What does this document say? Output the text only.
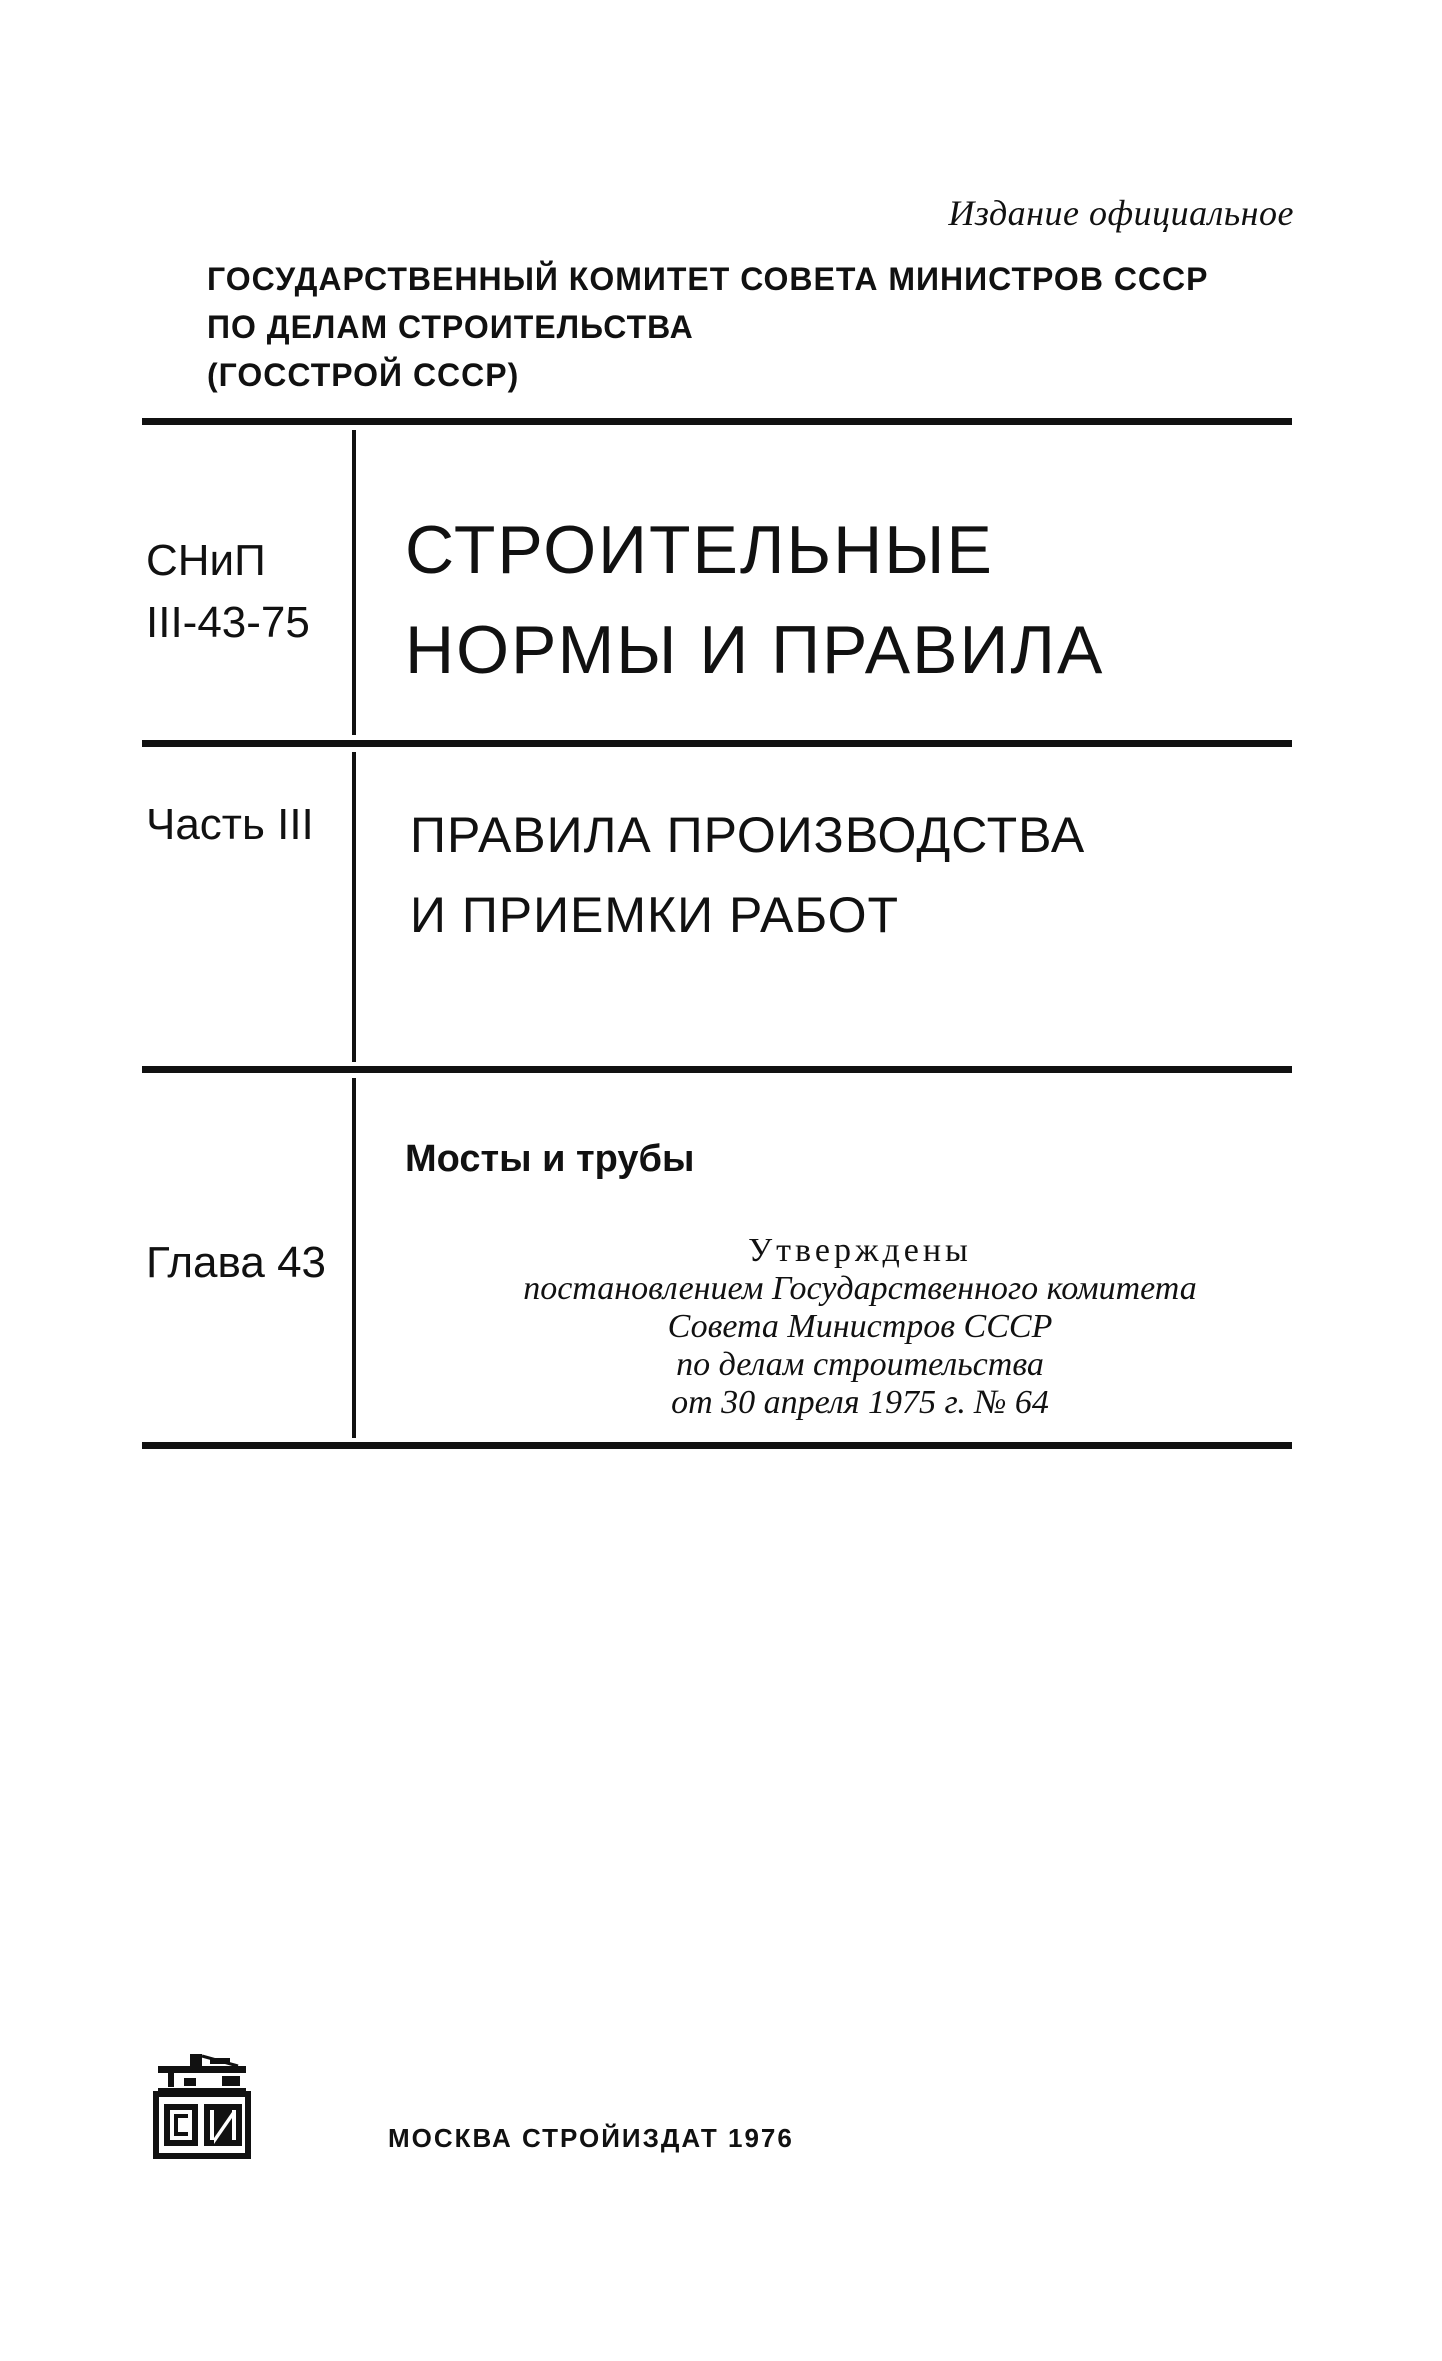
Издание официальное
ГОСУДАРСТВЕННЫЙ КОМИТЕТ СОВЕТА МИНИСТРОВ СССР
ПО ДЕЛАМ СТРОИТЕЛЬСТВА
(ГОССТРОЙ СССР)
СНиП
III-43-75
СТРОИТЕЛЬНЫЕ
НОРМЫ И ПРАВИЛА
Часть III ПРАВИЛА ПРОИЗВОДСТВА
И ПРИЕМКИ РАБОТ
Мосты и трубы
Глава 43	Утверждены
постановлением Государственного комитета
Совета Министров СССР
по делам строительства
от 30 апреля 1975 г. № 64
МОСКВА СТРОЙИЗДАТ 1976
